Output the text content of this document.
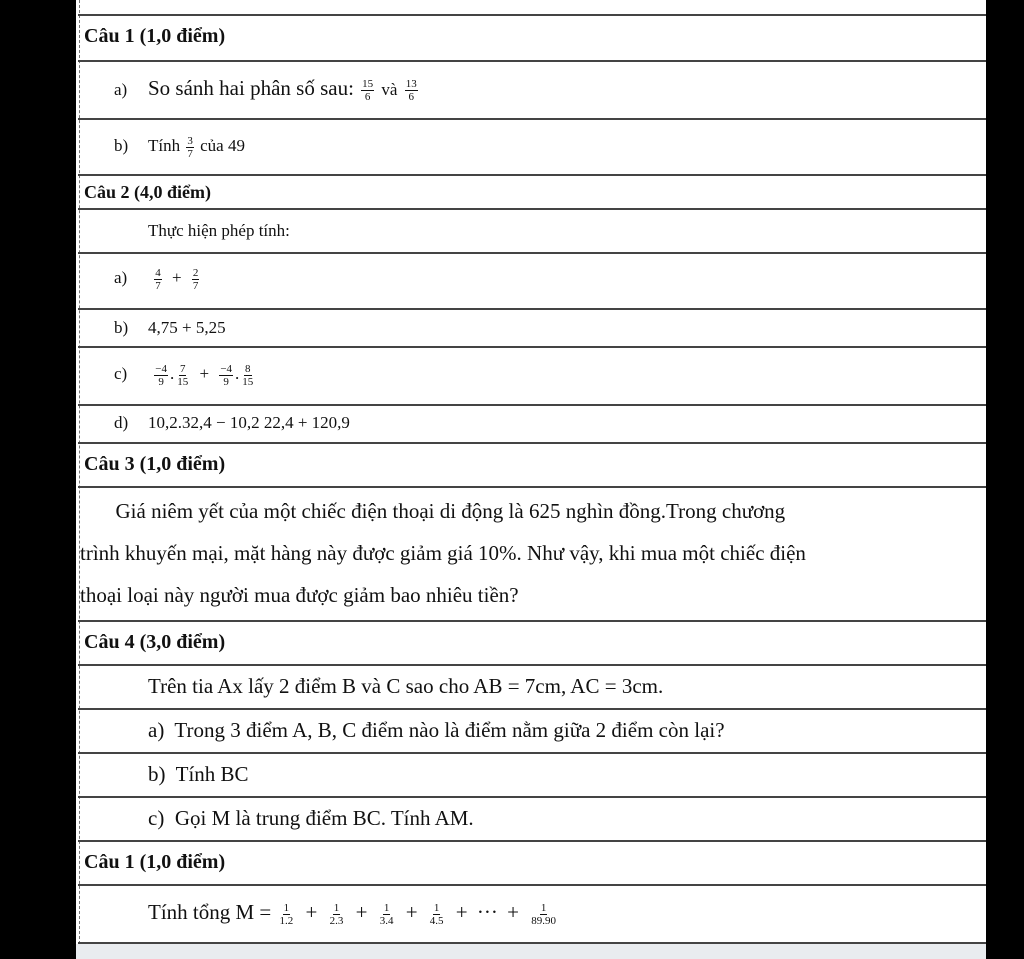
Câu 1 (1,0 điểm)
a) So sánh hai phân số sau: $\frac{15}{6}$ và $\frac{13}{6}$
b) Tính $\frac{3}{7}$ của 49
Câu 2 (4,0 điểm)
Thực hiện phép tính:
$a) \frac{4}{7} + \frac{2}{7}$
b) 4,75 + 5,25
$c) \frac{-4}{9}$ . $\frac{7}{15} + \frac{-4}{9}$ . $\frac{8}{15}$
d) 10,2.32,4 − 10,2 22,4 + 120,9
Câu 3 (1,0 điểm)
Giá niêm yết của một chiếc điện thoại di động là 625 nghìn đồng.Trong chương
trình khuyến mại, mặt hàng này được giảm giá 10%. Như vậy, khi mua một chiếc điện
thoại loại này người mua được giảm bao nhiêu tiền?
Câu 4 (3,0 điểm)
Trên tia Ax lấy 2 điểm B và C sao cho AB = 7cm, AC = 3cm.
a)  Trong 3 điểm A, B, C điểm nào là điểm nằm giữa 2 điểm còn lại?
b)  Tính BC
c)  Gọi M là trung điểm BC. Tính AM.
Câu 1 (1,0 điểm)
Tính tổng $M = \frac{1}{1.2} + \frac{1}{2.3} + \frac{1}{3.4} + \frac{1}{4.5}$ + ··· + $\frac{1}{89.90}$
